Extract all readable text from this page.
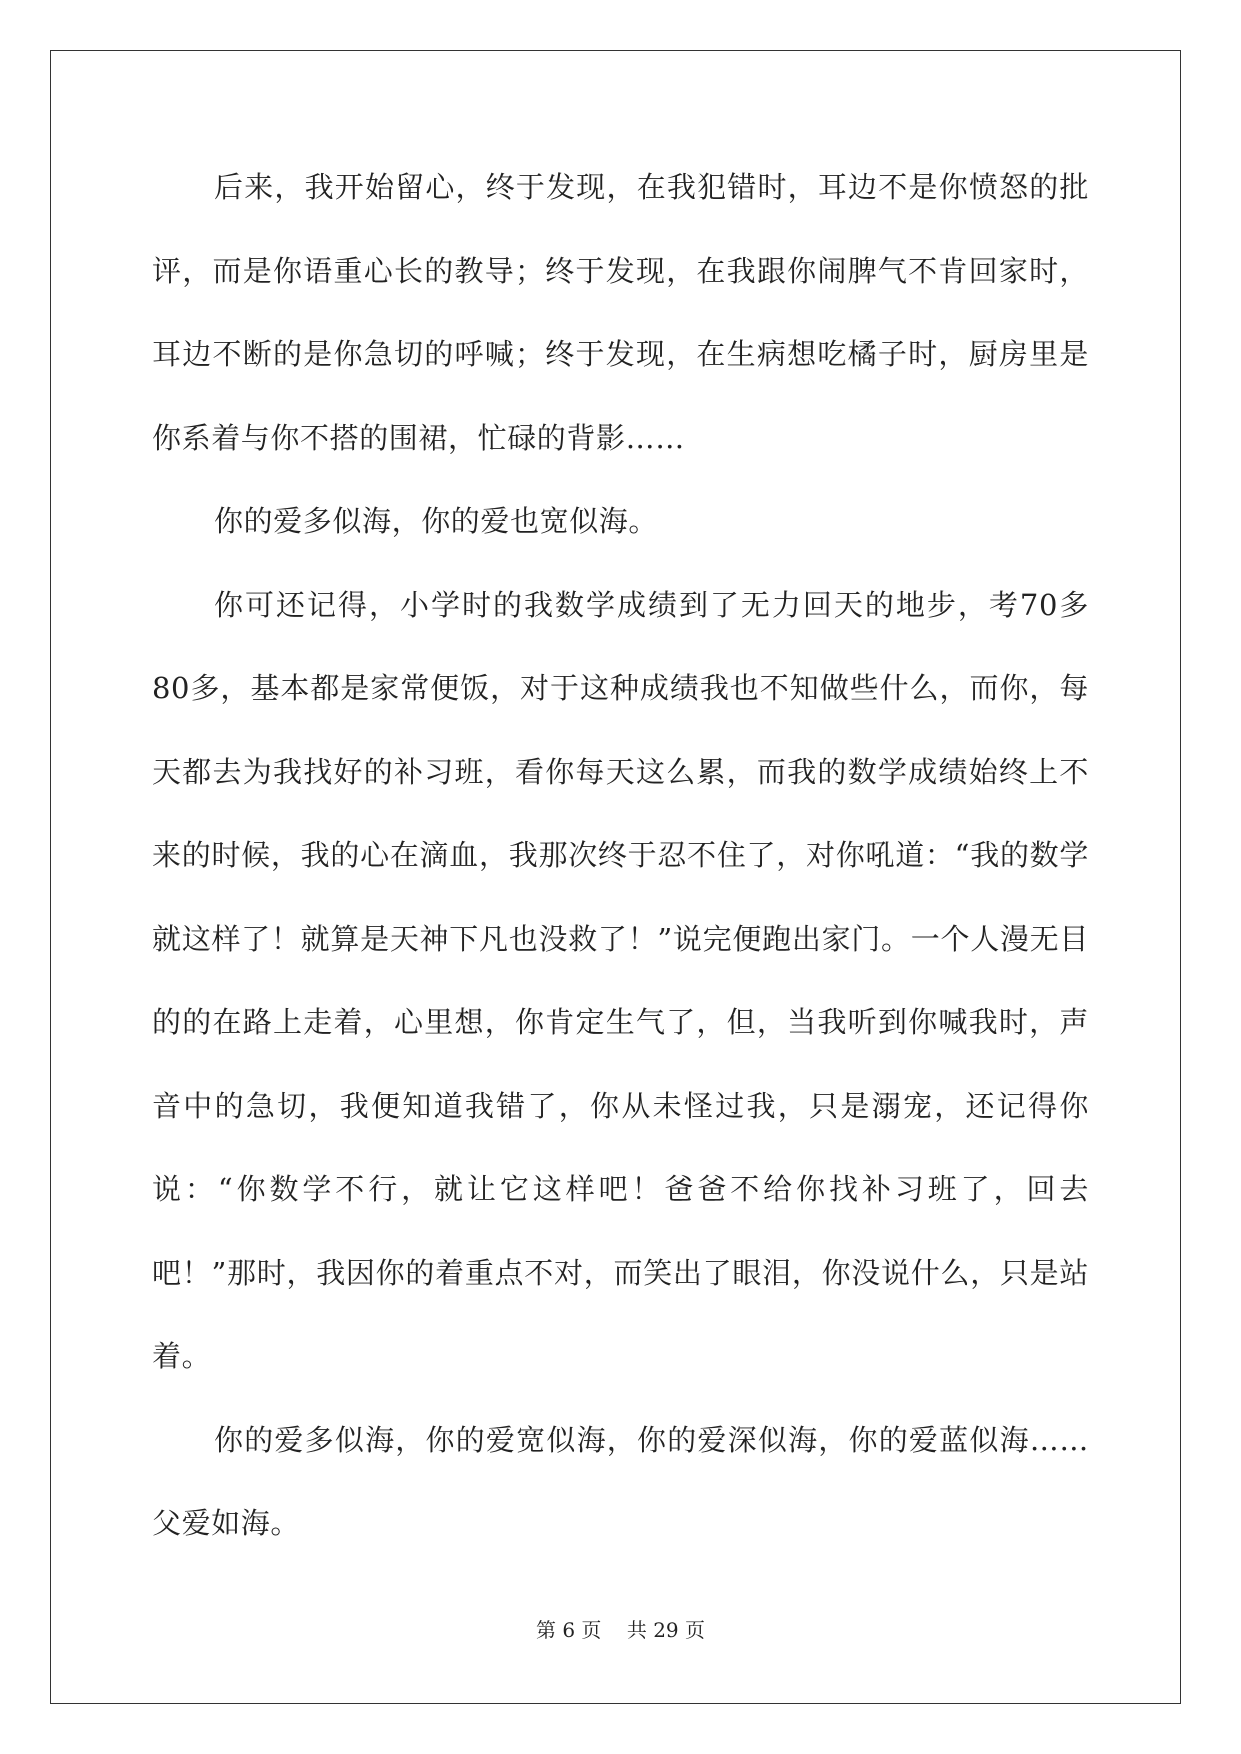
后来，我开始留心，终于发现，在我犯错时，耳边不是你愤怒的批评，而是你语重心长的教导；终于发现，在我跟你闹脾气不肯回家时，耳边不断的是你急切的呼喊；终于发现，在生病想吃橘子时，厨房里是你系着与你不搭的围裙，忙碌的背影……

你的爱多似海，你的爱也宽似海。

你可还记得，小学时的我数学成绩到了无力回天的地步，考70多80多，基本都是家常便饭，对于这种成绩我也不知做些什么，而你，每天都去为我找好的补习班，看你每天这么累，而我的数学成绩始终上不来的时候，我的心在滴血，我那次终于忍不住了，对你吼道：“我的数学就这样了！就算是天神下凡也没救了！”说完便跑出家门。一个人漫无目的的在路上走着，心里想，你肯定生气了，但，当我听到你喊我时，声音中的急切，我便知道我错了，你从未怪过我，只是溺宠，还记得你说：“你数学不行，就让它这样吧！爸爸不给你找补习班了，回去吧！”那时，我因你的着重点不对，而笑出了眼泪，你没说什么，只是站着。

你的爱多似海，你的爱宽似海，你的爱深似海，你的爱蓝似海……父爱如海。

第 6 页    共 29 页
